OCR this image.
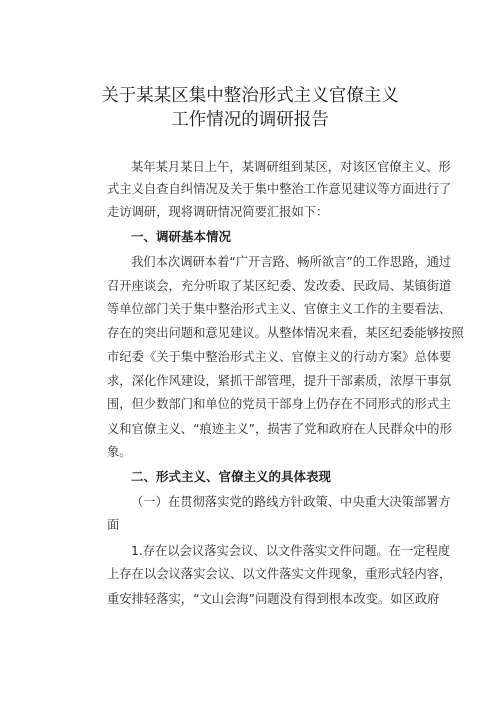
关于某某区集中整治形式主义官僚主义
工作情况的调研报告
某年某月某日上午，某调研组到某区，对该区官僚主义、形
式主义自查自纠情况及关于集中整治工作意见建议等方面进行了
走访调研，现将调研情况简要汇报如下：
一、调研基本情况
我们本次调研本着“广开言路、畅所欲言”的工作思路，通过
召开座谈会，充分听取了某区纪委、发改委、民政局、某镇街道
等单位部门关于集中整治形式主义、官僚主义工作的主要看法、
存在的突出问题和意见建议。从整体情况来看，某区纪委能够按照
市纪委《关于集中整治形式主义、官僚主义的行动方案》总体要
求，深化作风建设，紧抓干部管理，提升干部素质，浓厚干事氛
围，但少数部门和单位的党员干部身上仍存在不同形式的形式主
义和官僚主义、“痕迹主义”，损害了党和政府在人民群众中的形
象。
二、形式主义、官僚主义的具体表现
（一）在贯彻落实党的路线方针政策、中央重大决策部署方
面
1.存在以会议落实会议、以文件落实文件问题。在一定程度
上存在以会议落实会议、以文件落实文件现象，重形式轻内容，
重安排轻落实，“文山会海”问题没有得到根本改变。如区政府
